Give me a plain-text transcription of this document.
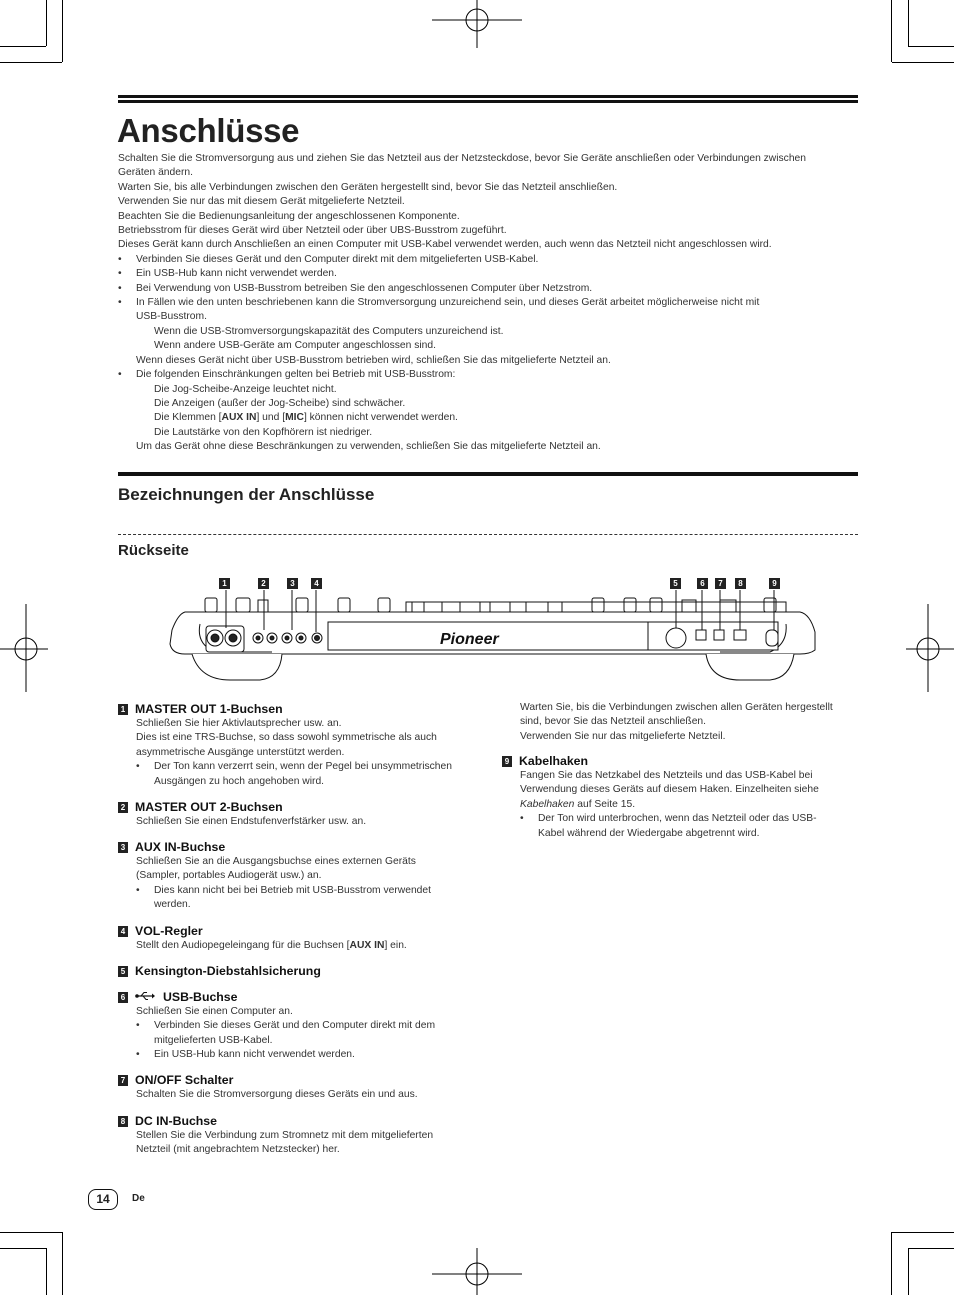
Anschlüsse

Schalten Sie die Stromversorgung aus und ziehen Sie das Netzteil aus der Netzsteckdose, bevor Sie Geräte anschließen oder Verbindungen zwischen

Geräten ändern.

Warten Sie, bis alle Verbindungen zwischen den Geräten hergestellt sind, bevor Sie das Netzteil anschließen.

Verwenden Sie nur das mit diesem Gerät mitgelieferte Netzteil.

Beachten Sie die Bedienungsanleitung der angeschlossenen Komponente.

Betriebsstrom für dieses Gerät wird über Netzteil oder über UBS-Busstrom zugeführt.

Dieses Gerät kann durch Anschließen an einen Computer mit USB-Kabel verwendet werden, auch wenn das Netzteil nicht angeschlossen wird.

• Verbinden Sie dieses Gerät und den Computer direkt mit dem mitgelieferten USB-Kabel.

• Ein USB-Hub kann nicht verwendet werden.

• Bei Verwendung von USB-Busstrom betreiben Sie den angeschlossenen Computer über Netzstrom.

• In Fällen wie den unten beschriebenen kann die Stromversorgung unzureichend sein, und dieses Gerät arbeitet möglicherweise nicht mit

USB-Busstrom.

Wenn die USB-Stromversorgungskapazität des Computers unzureichend ist.

Wenn andere USB-Geräte am Computer angeschlossen sind.

Wenn dieses Gerät nicht über USB-Busstrom betrieben wird, schließen Sie das mitgelieferte Netzteil an.

• Die folgenden Einschränkungen gelten bei Betrieb mit USB-Busstrom:

Die Jog-Scheibe-Anzeige leuchtet nicht.

Die Anzeigen (außer der Jog-Scheibe) sind schwächer.

Die Klemmen [AUX IN] und [MIC] können nicht verwendet werden.

Die Lautstärke von den Kopfhörern ist niedriger.

Um das Gerät ohne diese Beschränkungen zu verwenden, schließen Sie das mitgelieferte Netzteil an.

Bezeichnungen der Anschlüsse
Rückseite
Pioneer
1	2	3	4	5	6	7	8	9
1 MASTER OUT 1-Buchsen

Schließen Sie hier Aktivlautsprecher usw. an.

Dies ist eine TRS-Buchse, so dass sowohl symmetrische als auch

asymmetrische Ausgänge unterstützt werden.

• Der Ton kann verzerrt sein, wenn der Pegel bei unsymmetrischen

Ausgängen zu hoch angehoben wird.

2 MASTER OUT 2-Buchsen

Schließen Sie einen Endstufenverfstärker usw. an.

3 AUX IN-Buchse

Schließen Sie an die Ausgangsbuchse eines externen Geräts

(Sampler, portables Audiogerät usw.) an.

• Dies kann nicht bei bei Betrieb mit USB-Busstrom verwendet

werden.

4 VOL-Regler

Stellt den Audiopegeleingang für die Buchsen [AUX IN] ein.

5 Kensington-Diebstahlsicherung
6	USB-Buchse

Schließen Sie einen Computer an.

• Verbinden Sie dieses Gerät und den Computer direkt mit dem

mitgelieferten USB-Kabel.

• Ein USB-Hub kann nicht verwendet werden.

7 ON/OFF Schalter

Schalten Sie die Stromversorgung dieses Geräts ein und aus.

8 DC IN-Buchse

Stellen Sie die Verbindung zum Stromnetz mit dem mitgelieferten

Netzteil (mit angebrachtem Netzstecker) her.

Warten Sie, bis die Verbindungen zwischen allen Geräten hergestellt

sind, bevor Sie das Netzteil anschließen.

Verwenden Sie nur das mitgelieferte Netzteil.

9 Kabelhaken

Fangen Sie das Netzkabel des Netzteils und das USB-Kabel bei

Verwendung dieses Geräts auf diesem Haken. Einzelheiten siehe

Kabelhaken auf Seite 15.

• Der Ton wird unterbrochen, wenn das Netzteil oder das USB-

Kabel während der Wiedergabe abgetrennt wird.

14	De
